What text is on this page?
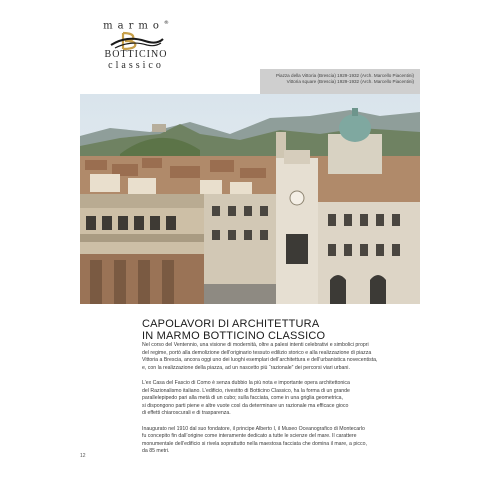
marmo®
BOTTICINO
classico
Piazza della Vittoria (Brescia) 1929-1932 (Arch. Marcello Piacentini)
Vittoria square (Brescia) 1929-1932 (Arch. Marcello Piacentini)
CAPOLAVORI DI ARCHITETTURA
IN MARMO BOTTICINO CLASSICO
Nel corso del Ventennio, una visione di modernità, oltre a palesi intenti celebrativi e simbolici propri
del regime, portò alla demolizione dell’originario tessuto edilizio storico e alla realizzazione di piazza
Vittoria a Brescia, ancora oggi uno dei luoghi esemplari dell’architettura e dell’urbanistica novecentista,
e, con la realizzazione della piazza, ad un nascetto più “razionale” dei percorsi viari urbani.
L’ex Casa del Fascio di Como è senza dubbio la più nota e importante opera architettonica
del Razionalismo italiano. L’edificio, rivestito di Botticino Classico, ha la forma di un grande
parallelepipedo pari alla metà di un cubo; sulla facciata, come in una griglia geometrica,
si dispongono parti piene e altre vuote così da determinare un razionale ma efficace gioco
di effetti chiaroscurali e di trasparenza.
Inaugurato nel 1910 dal suo fondatore, il principe Alberto I, il Museo Oceanografico di Montecarlo
fu concepito fin dall’origine come interamente dedicato a tutte le scienze del mare. Il carattere
monumentale dell’edificio si rivela soprattutto nella maestosa facciata che domina il mare, a picco,
da 85 metri.
12
